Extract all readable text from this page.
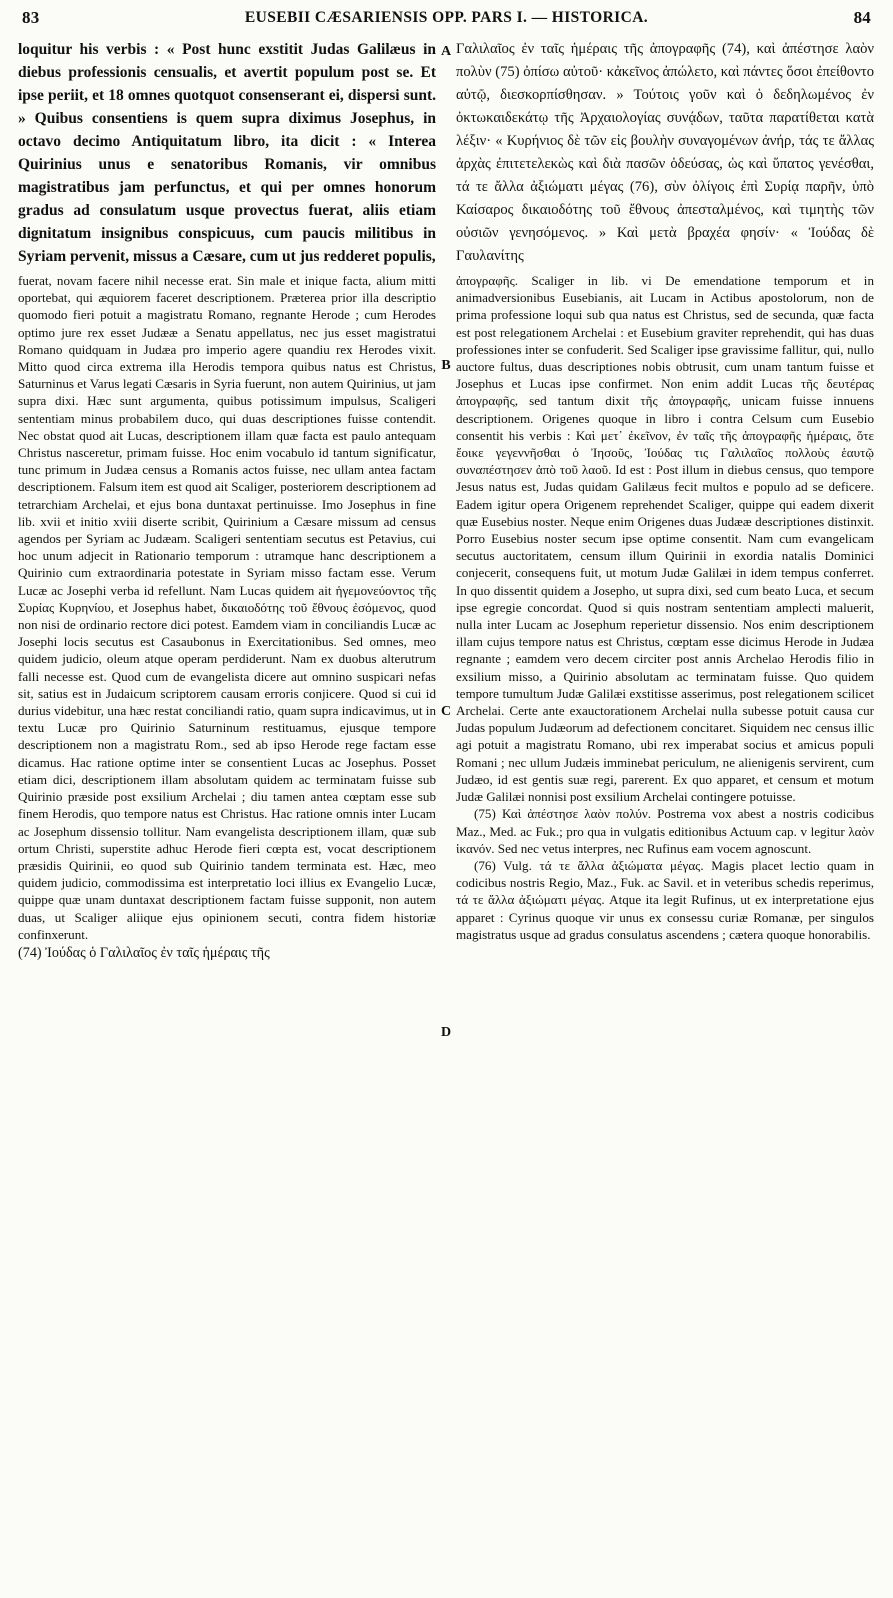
83	EUSEBII CÆSARIENSIS OPP. PARS I. — HISTORICA.	84
A
B
C
D

loquitur his verbis : « Post hunc exstitit Judas Galilæus in diebus professionis censualis, et avertit populum post se. Et ipse periit, et 18 omnes quotquot consenserant ei, dispersi sunt. » Quibus consentiens is quem supra diximus Josephus, in octavo decimo Antiquitatum libro, ita dicit : « Interea Quirinius unus e senatoribus Romanis, vir omnibus magistratibus jam perfunctus, et qui per omnes honorum gradus ad consulatum usque provectus fuerat, aliis etiam dignitatum insignibus conspicuus, cum paucis militibus in Syriam pervenit, missus a Cæsare, cum ut jus redderet populis,

fuerat, novam facere nihil necesse erat. Sin male et inique facta, alium mitti oportebat, qui æquiorem faceret descriptionem. Præterea prior illa descriptio quomodo fieri potuit a magistratu Romano, regnante Herode ; cum Herodes optimo jure rex esset Judææ a Senatu appellatus, nec jus esset magistratui Romano quidquam in Judæa pro imperio agere quandiu rex Herodes vixit. Mitto quod circa extrema illa Herodis tempora quibus natus est Christus, Saturninus et Varus legati Cæsaris in Syria fuerunt, non autem Quirinius, ut jam supra dixi. Hæc sunt argumenta, quibus potissimum impulsus, Scaligeri sententiam minus probabilem duco, qui duas descriptiones fuisse contendit. Nec obstat quod ait Lucas, descriptionem illam quæ facta est paulo antequam Christus nasceretur, primam fuisse. Hoc enim vocabulo id tantum significatur, tunc primum in Judæa census a Romanis actos fuisse, nec ullam antea factam descriptionem. Falsum item est quod ait Scaliger, posteriorem descriptionem ad tetrarchiam Archelai, et ejus bona duntaxat pertinuisse. Imo Josephus in fine lib. xvii et initio xviii diserte scribit, Quirinium a Cæsare missum ad census agendos per Syriam ac Judæam. Scaligeri sententiam secutus est Petavius, cui hoc unum adjecit in Rationario temporum : utramque hanc descriptionem a Quirinio cum extraordinaria potestate in Syriam misso factam esse. Verum Lucæ ac Josephi verba id refellunt. Nam Lucas quidem ait ἡγεμονεύοντος τῆς Συρίας Κυρηνίου, et Josephus habet, δικαιοδότης τοῦ ἔθνους ἐσόμενος, quod non nisi de ordinario rectore dici potest. Eamdem viam in conciliandis Lucæ ac Josephi locis secutus est Casaubonus in Exercitationibus. Sed omnes, meo quidem judicio, oleum atque operam perdiderunt. Nam ex duobus alterutrum falli necesse est. Quod cum de evangelista dicere aut omnino suspicari nefas sit, satius est in Judaicum scriptorem causam erroris conjicere. Quod si cui id durius videbitur, una hæc restat conciliandi ratio, quam supra indicavimus, ut in textu Lucæ pro Quirinio Saturninum restituamus, ejusque tempore descriptionem non a magistratu Rom., sed ab ipso Herode rege factam esse dicamus. Hac ratione optime inter se consentient Lucas ac Josephus. Posset etiam dici, descriptionem illam absolutam quidem ac terminatam fuisse sub Quirinio præside post exsilium Archelai ; diu tamen antea cœptam esse sub finem Herodis, quo tempore natus est Christus. Hac ratione omnis inter Lucam ac Josephum dissensio tollitur. Nam evangelista descriptionem illam, quæ sub ortum Christi, superstite adhuc Herode fieri cœpta est, vocat descriptionem præsidis Quirinii, eo quod sub Quirinio tandem terminata est. Hæc, meo quidem judicio, commodissima est interpretatio loci illius ex Evangelio Lucæ, quippe quæ unam duntaxat descriptionem factam fuisse supponit, non autem duas, ut Scaliger aliique ejus opinionem secuti, contra fidem historiæ confinxerunt.

(74) Ἰούδας ὁ Γαλιλαῖος ἐν ταῖς ἡμέραις τῆς

Γαλιλαῖος ἐν ταῖς ἡμέραις τῆς ἀπογραφῆς (74), καὶ ἀπέστησε λαὸν πολὺν (75) ὀπίσω αὐτοῦ· κἀκεῖνος ἀπώλετο, καὶ πάντες ὅσοι ἐπείθοντο αὐτῷ, διεσκορπίσθησαν. » Τούτοις γοῦν καὶ ὁ δεδηλωμένος ἐν ὀκτωκαιδεκάτῳ τῆς Ἀρχαιολογίας συνᾴδων, ταῦτα παρατίθεται κατὰ λέξιν· « Κυρήνιος δὲ τῶν εἰς βουλὴν συναγομένων ἀνήρ, τάς τε ἄλλας ἀρχὰς ἐπιτετελεκὼς καὶ διὰ πασῶν ὁδεύσας, ὡς καὶ ὕπατος γενέσθαι, τά τε ἄλλα ἀξιώματι μέγας (76), σὺν ὀλίγοις ἐπὶ Συρίᾳ παρῆν, ὑπὸ Καίσαρος δικαιοδότης τοῦ ἔθνους ἀπεσταλμένος, καὶ τιμητὴς τῶν οὐσιῶν γενησόμενος. » Καὶ μετὰ βραχέα φησίν· « Ἰούδας δὲ Γαυλανίτης

ἀπογραφῆς. Scaliger in lib. vi De emendatione temporum et in animadversionibus Eusebianis, ait Lucam in Actibus apostolorum, non de prima professione loqui sub qua natus est Christus, sed de secunda, quæ facta est post relegationem Archelai : et Eusebium graviter reprehendit, qui has duas professiones inter se confuderit. Sed Scaliger ipse gravissime fallitur, qui, nullo auctore fultus, duas descriptiones nobis obtrusit, cum unam tantum fuisse et Josephus et Lucas ipse confirmet. Non enim addit Lucas τῆς δευτέρας ἀπογραφῆς, sed tantum dixit τῆς ἀπογραφῆς, unicam fuisse innuens descriptionem. Origenes quoque in libro i contra Celsum cum Eusebio consentit his verbis : Καὶ μετ᾽ ἐκεῖνον, ἐν ταῖς τῆς ἀπογραφῆς ἡμέραις, ὅτε ἔοικε γεγεννῆσθαι ὁ Ἰησοῦς, Ἰούδας τις Γαλιλαῖος πολλοὺς ἑαυτῷ συναπέστησεν ἀπὸ τοῦ λαοῦ. Id est : Post illum in diebus census, quo tempore Jesus natus est, Judas quidam Galilæus fecit multos e populo ad se deficere. Eadem igitur opera Origenem reprehendet Scaliger, quippe qui eadem dixerit quæ Eusebius noster. Neque enim Origenes duas Judææ descriptiones distinxit. Porro Eusebius noster secum ipse optime consentit. Nam cum evangelicam secutus auctoritatem, censum illum Quirinii in exordia natalis Dominici conjecerit, consequens fuit, ut motum Judæ Galilæi in idem tempus conferret. In quo dissentit quidem a Josepho, ut supra dixi, sed cum beato Luca, et secum ipse egregie concordat. Quod si quis nostram sententiam amplecti maluerit, nulla inter Lucam ac Josephum reperietur dissensio. Nos enim descriptionem illam cujus tempore natus est Christus, cœptam esse dicimus Herode in Judæa regnante ; eamdem vero decem circiter post annis Archelao Herodis filio in exsilium misso, a Quirinio absolutam ac terminatam fuisse. Quo quidem tempore tumultum Judæ Galilæi exstitisse asserimus, post relegationem scilicet Archelai. Certe ante exauctorationem Archelai nulla subesse potuit causa cur Judas populum Judæorum ad defectionem concitaret. Siquidem nec census illic agi potuit a magistratu Romano, ubi rex imperabat socius et amicus populi Romani ; nec ullum Judæis imminebat periculum, ne alienigenis servirent, cum Judæo, id est gentis suæ regi, parerent. Ex quo apparet, et censum et motum Judæ Galilæi nonnisi post exsilium Archelai contingere potuisse.

(75) Καὶ ἀπέστησε λαὸν πολύν. Postrema vox abest a nostris codicibus Maz., Med. ac Fuk.; pro qua in vulgatis editionibus Actuum cap. v legitur λαὸν ἱκανόν. Sed nec vetus interpres, nec Rufinus eam vocem agnoscunt.

(76) Vulg. τά τε ἄλλα ἀξιώματα μέγας. Magis placet lectio quam in codicibus nostris Regio, Maz., Fuk. ac Savil. et in veteribus schedis reperimus, τά τε ἄλλα ἀξιώματι μέγας. Atque ita legit Rufinus, ut ex interpretatione ejus apparet : Cyrinus quoque vir unus ex consessu curiæ Romanæ, per singulos magistratus usque ad gradus consulatus ascendens ; cætera quoque honorabilis.
